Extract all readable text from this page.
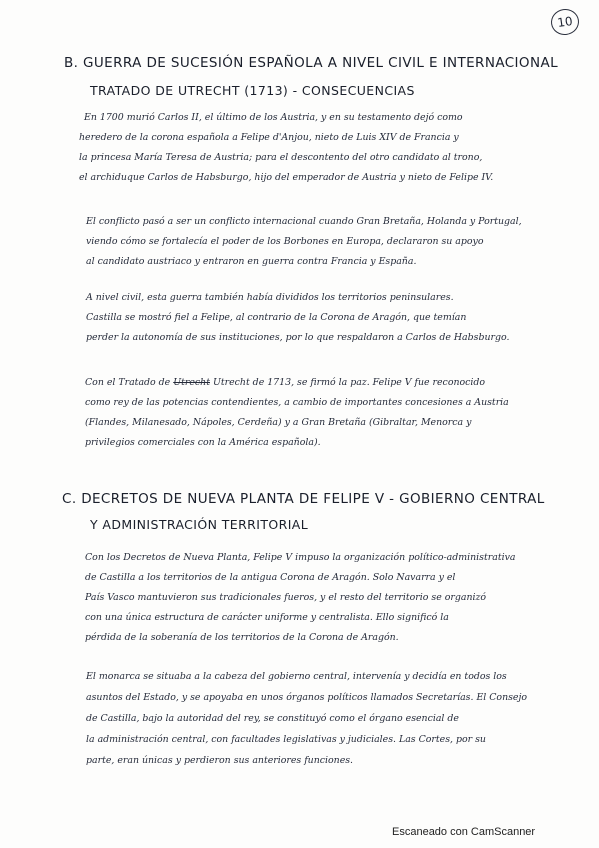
10
B. GUERRA DE SUCESIÓN ESPAÑOLA A NIVEL CIVIL E INTERNACIONAL
TRATADO DE UTRECHT (1713) - CONSECUENCIAS
En 1700 murió Carlos II, el último de los Austria, y en su testamento dejó como
heredero de la corona española a Felipe d'Anjou, nieto de Luis XIV de Francia y
la princesa María Teresa de Austria; para el descontento del otro candidato al trono,
el archiduque Carlos de Habsburgo, hijo del emperador de Austria y nieto de Felipe IV.
El conflicto pasó a ser un conflicto internacional cuando Gran Bretaña, Holanda y Portugal,
viendo cómo se fortalecía el poder de los Borbones en Europa, declararon su apoyo
al candidato austriaco y entraron en guerra contra Francia y España.
A nivel civil, esta guerra también había divididos los territorios peninsulares.
Castilla se mostró fiel a Felipe, al contrario de la Corona de Aragón, que temían
perder la autonomía de sus instituciones, por lo que respaldaron a Carlos de Habsburgo.
Con el Tratado de Utrecht Utrecht de 1713, se firmó la paz. Felipe V fue reconocido
como rey de las potencias contendientes, a cambio de importantes concesiones a Austria
(Flandes, Milanesado, Nápoles, Cerdeña) y a Gran Bretaña (Gibraltar, Menorca y
privilegios comerciales con la América española).
C. DECRETOS DE NUEVA PLANTA DE FELIPE V - GOBIERNO CENTRAL
Y ADMINISTRACIÓN TERRITORIAL
Con los Decretos de Nueva Planta, Felipe V impuso la organización político-administrativa
de Castilla a los territorios de la antigua Corona de Aragón. Solo Navarra y el
País Vasco mantuvieron sus tradicionales fueros, y el resto del territorio se organizó
con una única estructura de carácter uniforme y centralista. Ello significó la
pérdida de la soberanía de los territorios de la Corona de Aragón.
El monarca se situaba a la cabeza del gobierno central, intervenía y decidía en todos los
asuntos del Estado, y se apoyaba en unos órganos políticos llamados Secretarías. El Consejo
de Castilla, bajo la autoridad del rey, se constituyó como el órgano esencial de
la administración central, con facultades legislativas y judiciales. Las Cortes, por su
parte, eran únicas y perdieron sus anteriores funciones.
Escaneado con CamScanner
